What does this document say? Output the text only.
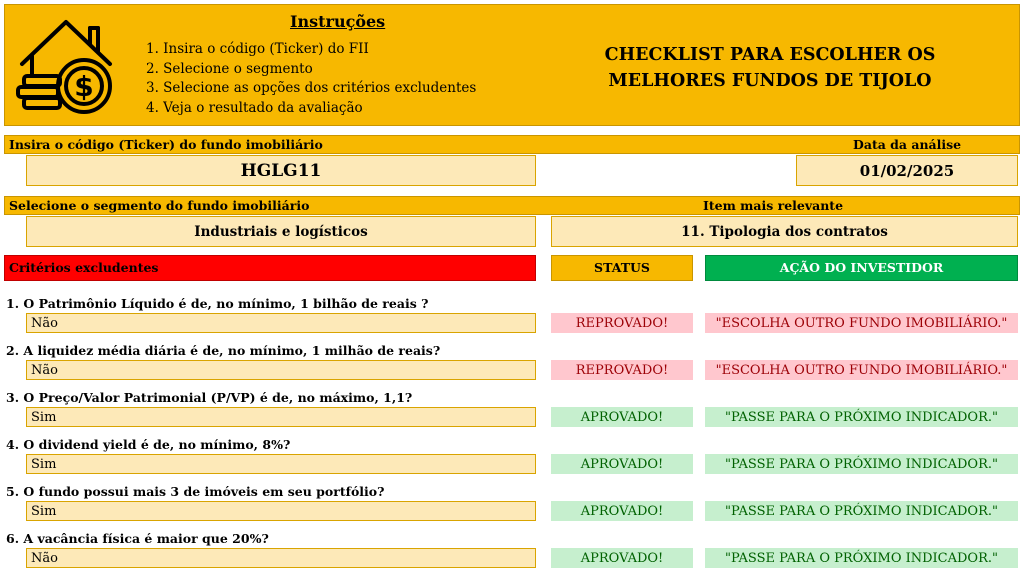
$
Instruções
1. Insira o código (Ticker) do FII
2. Selecione o segmento
3. Selecione as opções dos critérios excludentes
4. Veja o resultado da avaliação
CHECKLIST PARA ESCOLHER OS
MELHORES FUNDOS DE TIJOLO
Insira o código (Ticker) do fundo imobiliário	Data da análise
HGLG11	01/02/2025
Selecione o segmento do fundo imobiliário	Item mais relevante
Industriais e logísticos	11. Tipologia dos contratos
Critérios excludentes	STATUS	AÇÃO DO INVESTIDOR
1. O Patrimônio Líquido é de, no mínimo, 1 bilhão de reais ?
Não	REPROVADO!	"ESCOLHA OUTRO FUNDO IMOBILIÁRIO."
2. A liquidez média diária é de, no mínimo, 1 milhão de reais?
Não	REPROVADO!	"ESCOLHA OUTRO FUNDO IMOBILIÁRIO."
3. O Preço/Valor Patrimonial (P/VP) é de, no máximo, 1,1?
Sim	APROVADO!	"PASSE PARA O PRÓXIMO INDICADOR."
4. O dividend yield é de, no mínimo, 8%?
Sim	APROVADO!	"PASSE PARA O PRÓXIMO INDICADOR."
5. O fundo possui mais 3 de imóveis em seu portfólio?
Sim	APROVADO!	"PASSE PARA O PRÓXIMO INDICADOR."
6. A vacância física é maior que 20%?
Não	APROVADO!	"PASSE PARA O PRÓXIMO INDICADOR."
